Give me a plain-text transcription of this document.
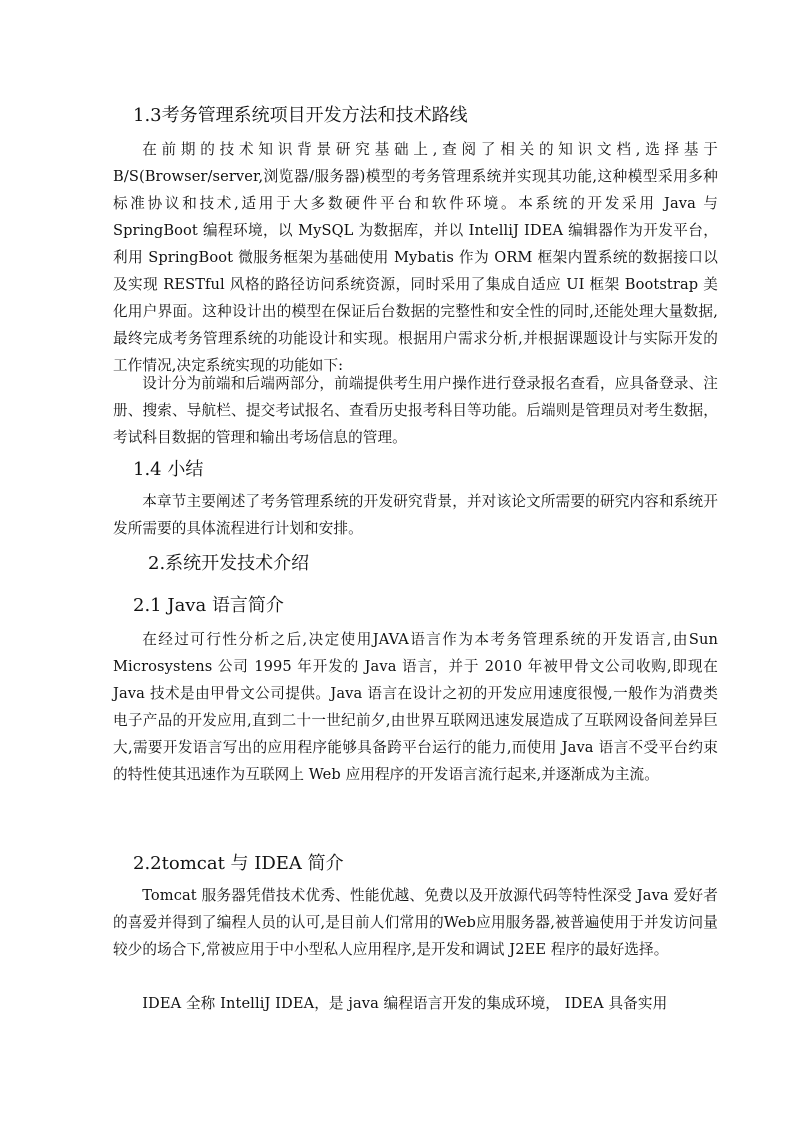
1.3考务管理系统项目开发方法和技术路线

在前期的技术知识背景研究基础上,查阅了相关的知识文档,选择基于B/S(Browser/server,浏览器/服务器)模型的考务管理系统并实现其功能,这种模型采用多种标准协议和技术,适用于大多数硬件平台和软件环境。本系统的开发采用 Java 与 SpringBoot 编程环境，以 MySQL 为数据库，并以 IntelliJ IDEA 编辑器作为开发平台，利用 SpringBoot 微服务框架为基础使用 Mybatis 作为 ORM 框架内置系统的数据接口以及实现 RESTful 风格的路径访问系统资源，同时采用了集成自适应 UI 框架 Bootstrap 美化用户界面。这种设计出的模型在保证后台数据的完整性和安全性的同时,还能处理大量数据,最终完成考务管理系统的功能设计和实现。根据用户需求分析,并根据课题设计与实际开发的工作情况,决定系统实现的功能如下:

设计分为前端和后端两部分，前端提供考生用户操作进行登录报名查看，应具备登录、注册、搜索、导航栏、提交考试报名、查看历史报考科目等功能。后端则是管理员对考生数据，考试科目数据的管理和输出考场信息的管理。

1.4 小结

本章节主要阐述了考务管理系统的开发研究背景，并对该论文所需要的研究内容和系统开发所需要的具体流程进行计划和安排。

2.系统开发技术介绍
2.1 Java 语言简介

在经过可行性分析之后,决定使用JAVA语言作为本考务管理系统的开发语言,由Sun Microsystens 公司 1995 年开发的 Java 语言，并于 2010 年被甲骨文公司收购,即现在 Java 技术是由甲骨文公司提供。Java 语言在设计之初的开发应用速度很慢,一般作为消费类电子产品的开发应用,直到二十一世纪前夕,由世界互联网迅速发展造成了互联网设备间差异巨大,需要开发语言写出的应用程序能够具备跨平台运行的能力,而使用 Java 语言不受平台约束的特性使其迅速作为互联网上 Web 应用程序的开发语言流行起来,并逐渐成为主流。

2.2tomcat 与 IDEA 简介

Tomcat 服务器凭借技术优秀、性能优越、免费以及开放源代码等特性深受 Java 爱好者的喜爱并得到了编程人员的认可,是目前人们常用的Web应用服务器,被普遍使用于并发访问量较少的场合下,常被应用于中小型私人应用程序,是开发和调试 J2EE 程序的最好选择。

IDEA 全称 IntelliJ IDEA，是 java 编程语言开发的集成环境， IDEA 具备实用
